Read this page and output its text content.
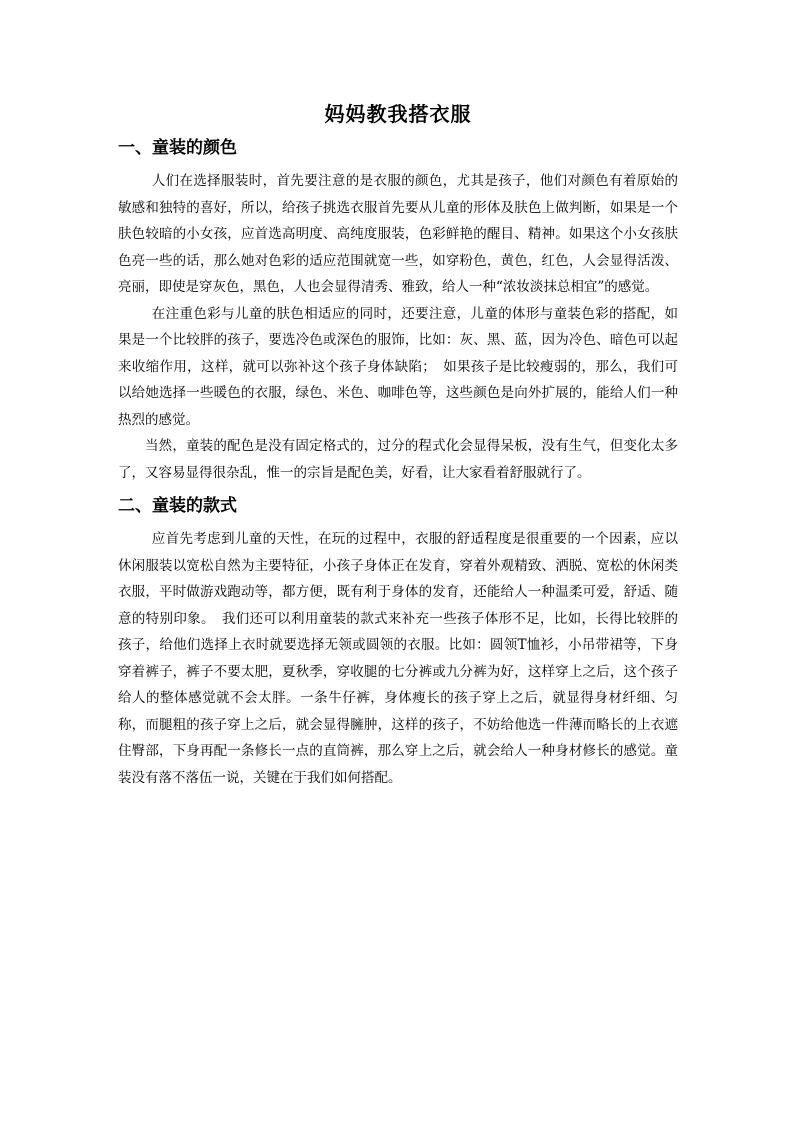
妈妈教我搭衣服
一、童装的颜色

人们在选择服装时，首先要注意的是衣服的颜色，尤其是孩子，他们对颜色有着原始的敏感和独特的喜好，所以，给孩子挑选衣服首先要从儿童的形体及肤色上做判断，如果是一个肤色较暗的小女孩，应首选高明度、高纯度服装，色彩鲜艳的醒目、精神。如果这个小女孩肤色亮一些的话，那么她对色彩的适应范围就宽一些，如穿粉色，黄色，红色，人会显得活泼、亮丽，即使是穿灰色，黑色，人也会显得清秀、雅致，给人一种“浓妆淡抹总相宜”的感觉。

在注重色彩与儿童的肤色相适应的同时，还要注意，儿童的体形与童装色彩的搭配，如果是一个比较胖的孩子，要选冷色或深色的服饰，比如：灰、黑、蓝，因为冷色、暗色可以起来收缩作用，这样，就可以弥补这个孩子身体缺陷；　如果孩子是比较瘦弱的，那么，我们可以给她选择一些暖色的衣服，绿色、米色、咖啡色等，这些颜色是向外扩展的，能给人们一种热烈的感觉。

当然，童装的配色是没有固定格式的，过分的程式化会显得呆板，没有生气，但变化太多了，又容易显得很杂乱，惟一的宗旨是配色美，好看，让大家看着舒服就行了。

二、童装的款式

应首先考虑到儿童的天性，在玩的过程中，衣服的舒适程度是很重要的一个因素，应以休闲服装以宽松自然为主要特征，小孩子身体正在发育，穿着外观精致、洒脱、宽松的休闲类衣服，平时做游戏跑动等，都方便，既有利于身体的发育，还能给人一种温柔可爱，舒适、随意的特别印象。　我们还可以利用童装的款式来补充一些孩子体形不足，比如，长得比较胖的孩子，给他们选择上衣时就要选择无领或圆领的衣服。比如：圆领T恤衫，小吊带裙等，下身穿着裤子，裤子不要太肥，夏秋季，穿收腿的七分裤或九分裤为好，这样穿上之后，这个孩子给人的整体感觉就不会太胖。一条牛仔裤，身体瘦长的孩子穿上之后，就显得身材纤细、匀称，而腿粗的孩子穿上之后，就会显得臃肿，这样的孩子，不妨给他选一件薄而略长的上衣遮住臀部，下身再配一条修长一点的直筒裤，那么穿上之后，就会给人一种身材修长的感觉。童装没有落不落伍一说，关键在于我们如何搭配。
